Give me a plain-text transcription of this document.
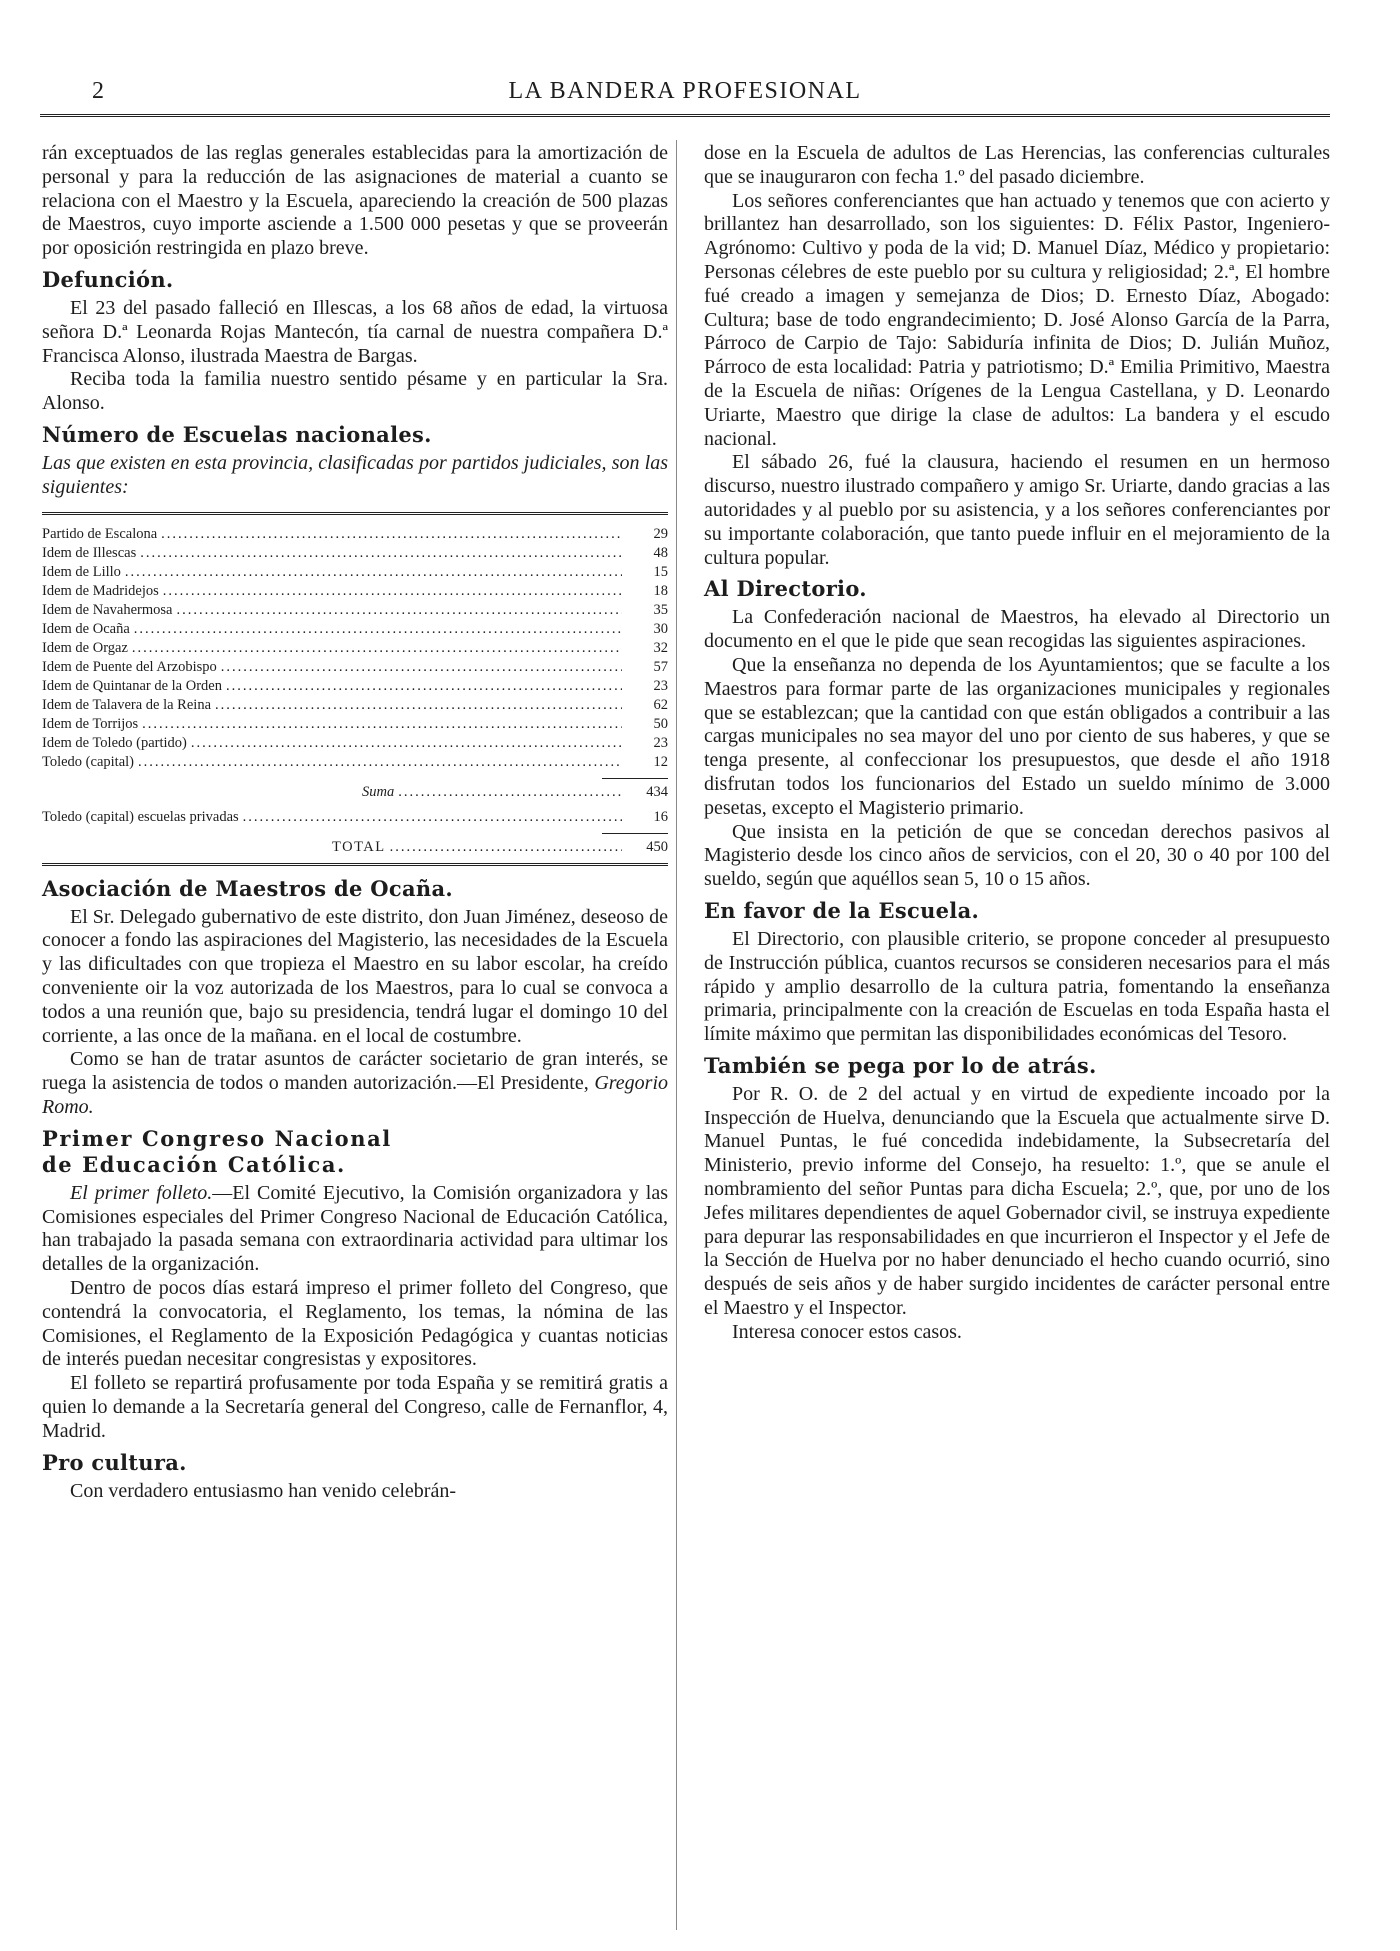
2	LA BANDERA PROFESIONAL

rán exceptuados de las reglas generales establecidas para la amortización de personal y para la reducción de las asignaciones de material a cuanto se relaciona con el Maestro y la Escuela, apareciendo la creación de 500 plazas de Maestros, cuyo importe asciende a 1.500 000 pesetas y que se proveerán por oposición restringida en plazo breve.

Defunción.

El 23 del pasado falleció en Illescas, a los 68 años de edad, la virtuosa señora D.ª Leonarda Rojas Mantecón, tía carnal de nuestra compañera D.ª Francisca Alonso, ilustrada Maestra de Bargas.

Reciba toda la familia nuestro sentido pésame y en particular la Sra. Alonso.

Número de Escuelas nacionales.

Las que existen en esta provincia, clasificadas por partidos judiciales, son las siguientes:

Partido de Escalona .....	29
Idem de Illescas .....	48
Idem de Lillo .....	15
Idem de Madridejos .....	18
Idem de Navahermosa .....	35
Idem de Ocaña .....	30
Idem de Orgaz .....	32
Idem de Puente del Arzobispo .....	57
Idem de Quintanar de la Orden .....	23
Idem de Talavera de la Reina .....	62
Idem de Torrijos .....	50
Idem de Toledo (partido) .....	23
Toledo (capital) .....	12
Suma .....	434
Toledo (capital) escuelas privadas .....	16
TOTAL .....	450
Asociación de Maestros de Ocaña.

El Sr. Delegado gubernativo de este distrito, don Juan Jiménez, deseoso de conocer a fondo las aspiraciones del Magisterio, las necesidades de la Escuela y las dificultades con que tropieza el Maestro en su labor escolar, ha creído conveniente oir la voz autorizada de los Maestros, para lo cual se convoca a todos a una reunión que, bajo su presidencia, tendrá lugar el domingo 10 del corriente, a las once de la mañana. en el local de costumbre.

Como se han de tratar asuntos de carácter societario de gran interés, se ruega la asistencia de todos o manden autorización.—El Presidente, Gregorio Romo.

Primer Congreso Nacional
de Educación Católica.

El primer folleto.—El Comité Ejecutivo, la Comisión organizadora y las Comisiones especiales del Primer Congreso Nacional de Educación Católica, han trabajado la pasada semana con extraordinaria actividad para ultimar los detalles de la organización.

Dentro de pocos días estará impreso el primer folleto del Congreso, que contendrá la convocatoria, el Reglamento, los temas, la nómina de las Comisiones, el Reglamento de la Exposición Pedagógica y cuantas noticias de interés puedan necesitar congresistas y expositores.

El folleto se repartirá profusamente por toda España y se remitirá gratis a quien lo demande a la Secretaría general del Congreso, calle de Fernanflor, 4, Madrid.

Pro cultura.

Con verdadero entusiasmo han venido celebrán-

dose en la Escuela de adultos de Las Herencias, las conferencias culturales que se inauguraron con fecha 1.º del pasado diciembre.

Los señores conferenciantes que han actuado y tenemos que con acierto y brillantez han desarrollado, son los siguientes: D. Félix Pastor, Ingeniero-Agrónomo: Cultivo y poda de la vid; D. Manuel Díaz, Médico y propietario: Personas célebres de este pueblo por su cultura y religiosidad; 2.ª, El hombre fué creado a imagen y semejanza de Dios; D. Ernesto Díaz, Abogado: Cultura; base de todo engrandecimiento; D. José Alonso García de la Parra, Párroco de Carpio de Tajo: Sabiduría infinita de Dios; D. Julián Muñoz, Párroco de esta localidad: Patria y patriotismo; D.ª Emilia Primitivo, Maestra de la Escuela de niñas: Orígenes de la Lengua Castellana, y D. Leonardo Uriarte, Maestro que dirige la clase de adultos: La bandera y el escudo nacional.

El sábado 26, fué la clausura, haciendo el resumen en un hermoso discurso, nuestro ilustrado compañero y amigo Sr. Uriarte, dando gracias a las autoridades y al pueblo por su asistencia, y a los señores conferenciantes por su importante colaboración, que tanto puede influir en el mejoramiento de la cultura popular.

Al Directorio.

La Confederación nacional de Maestros, ha elevado al Directorio un documento en el que le pide que sean recogidas las siguientes aspiraciones.

Que la enseñanza no dependa de los Ayuntamientos; que se faculte a los Maestros para formar parte de las organizaciones municipales y regionales que se establezcan; que la cantidad con que están obligados a contribuir a las cargas municipales no sea mayor del uno por ciento de sus haberes, y que se tenga presente, al confeccionar los presupuestos, que desde el año 1918 disfrutan todos los funcionarios del Estado un sueldo mínimo de 3.000 pesetas, excepto el Magisterio primario.

Que insista en la petición de que se concedan derechos pasivos al Magisterio desde los cinco años de servicios, con el 20, 30 o 40 por 100 del sueldo, según que aquéllos sean 5, 10 o 15 años.

En favor de la Escuela.

El Directorio, con plausible criterio, se propone conceder al presupuesto de Instrucción pública, cuantos recursos se consideren necesarios para el más rápido y amplio desarrollo de la cultura patria, fomentando la enseñanza primaria, principalmente con la creación de Escuelas en toda España hasta el límite máximo que permitan las disponibilidades económicas del Tesoro.

También se pega por lo de atrás.

Por R. O. de 2 del actual y en virtud de expediente incoado por la Inspección de Huelva, denunciando que la Escuela que actualmente sirve D. Manuel Puntas, le fué concedida indebidamente, la Subsecretaría del Ministerio, previo informe del Consejo, ha resuelto: 1.º, que se anule el nombramiento del señor Puntas para dicha Escuela; 2.º, que, por uno de los Jefes militares dependientes de aquel Gobernador civil, se instruya expediente para depurar las responsabilidades en que incurrieron el Inspector y el Jefe de la Sección de Huelva por no haber denunciado el hecho cuando ocurrió, sino después de seis años y de haber surgido incidentes de carácter personal entre el Maestro y el Inspector.

Interesa conocer estos casos.
